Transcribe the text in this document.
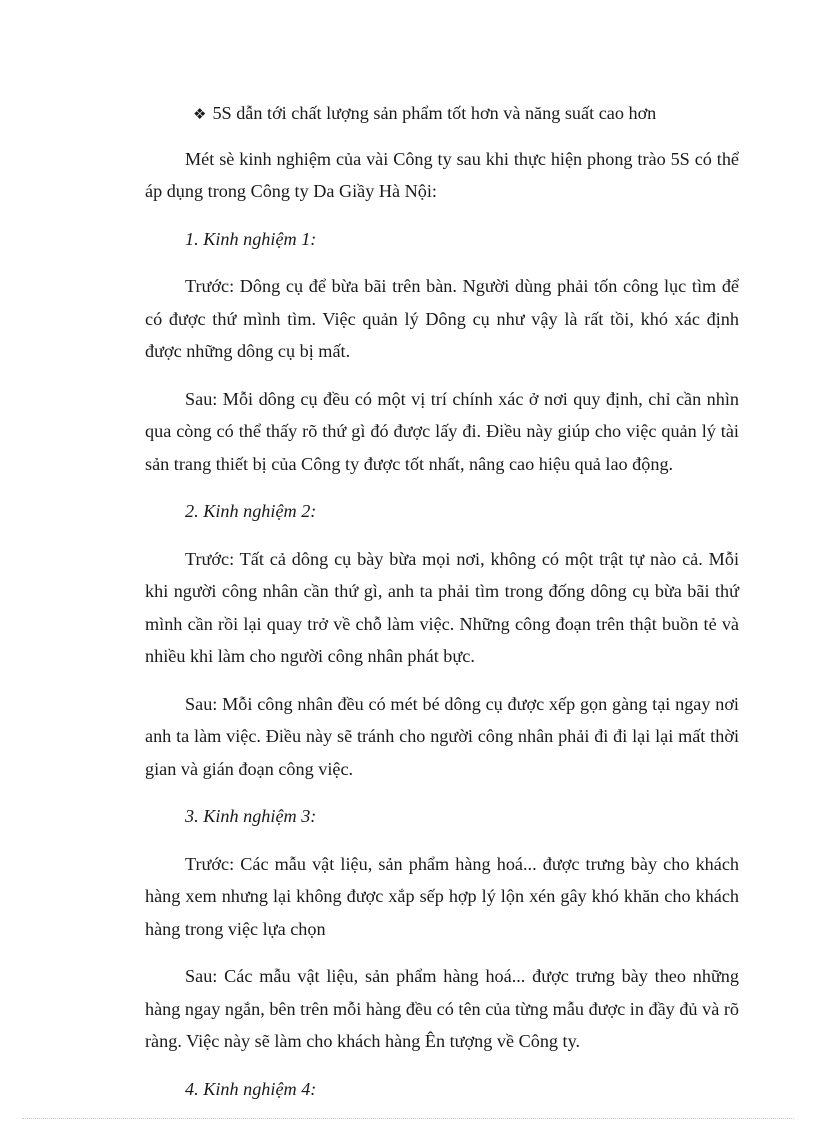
❖ 5S dẫn tới chất lượng sản phẩm tốt hơn và năng suất cao hơn

Mét sè kinh nghiệm của vài Công ty sau khi thực hiện phong trào 5S có thể áp dụng trong Công ty Da Giầy Hà Nội:

1. Kinh nghiệm 1:

Trước: Dông cụ để bừa bãi trên bàn. Người dùng phải tốn công lục tìm để có được thứ mình tìm. Việc quản lý Dông cụ như vậy là rất tồi, khó xác định được những dông cụ bị mất.

Sau: Mỗi dông cụ đều có một vị trí chính xác ở nơi quy định, chỉ cần nhìn qua còng có thể thấy rõ thứ gì đó được lấy đi. Điều này giúp cho việc quản lý tài sản trang thiết bị của Công ty được tốt nhất, nâng cao hiệu quả lao động.

2. Kinh nghiệm 2:

Trước: Tất cả dông cụ bày bừa mọi nơi, không có một trật tự nào cả. Mỗi khi người công nhân cần thứ gì, anh ta phải tìm trong đống dông cụ bừa bãi thứ mình cần rồi lại quay trở về chỗ làm việc. Những công đoạn trên thật buồn tẻ và nhiều khi làm cho người công nhân phát bực.

Sau: Mỗi công nhân đều có mét bé dông cụ được xếp gọn gàng tại ngay nơi anh ta làm việc. Điều này sẽ tránh cho người công nhân phải đi đi lại lại mất thời gian và gián đoạn công việc.

3. Kinh nghiệm 3:

Trước: Các mẫu vật liệu, sản phẩm hàng hoá... được trưng bày cho khách hàng xem nhưng lại không được xắp sếp hợp lý lộn xén gây khó khăn cho khách hàng trong việc lựa chọn

Sau: Các mẫu vật liệu, sản phẩm hàng hoá... được trưng bày theo những hàng ngay ngắn, bên trên mỗi hàng đều có tên của từng mẫu được in đầy đủ và rõ ràng. Việc này sẽ làm cho khách hàng Ên tượng về Công ty.

4. Kinh nghiệm 4:
